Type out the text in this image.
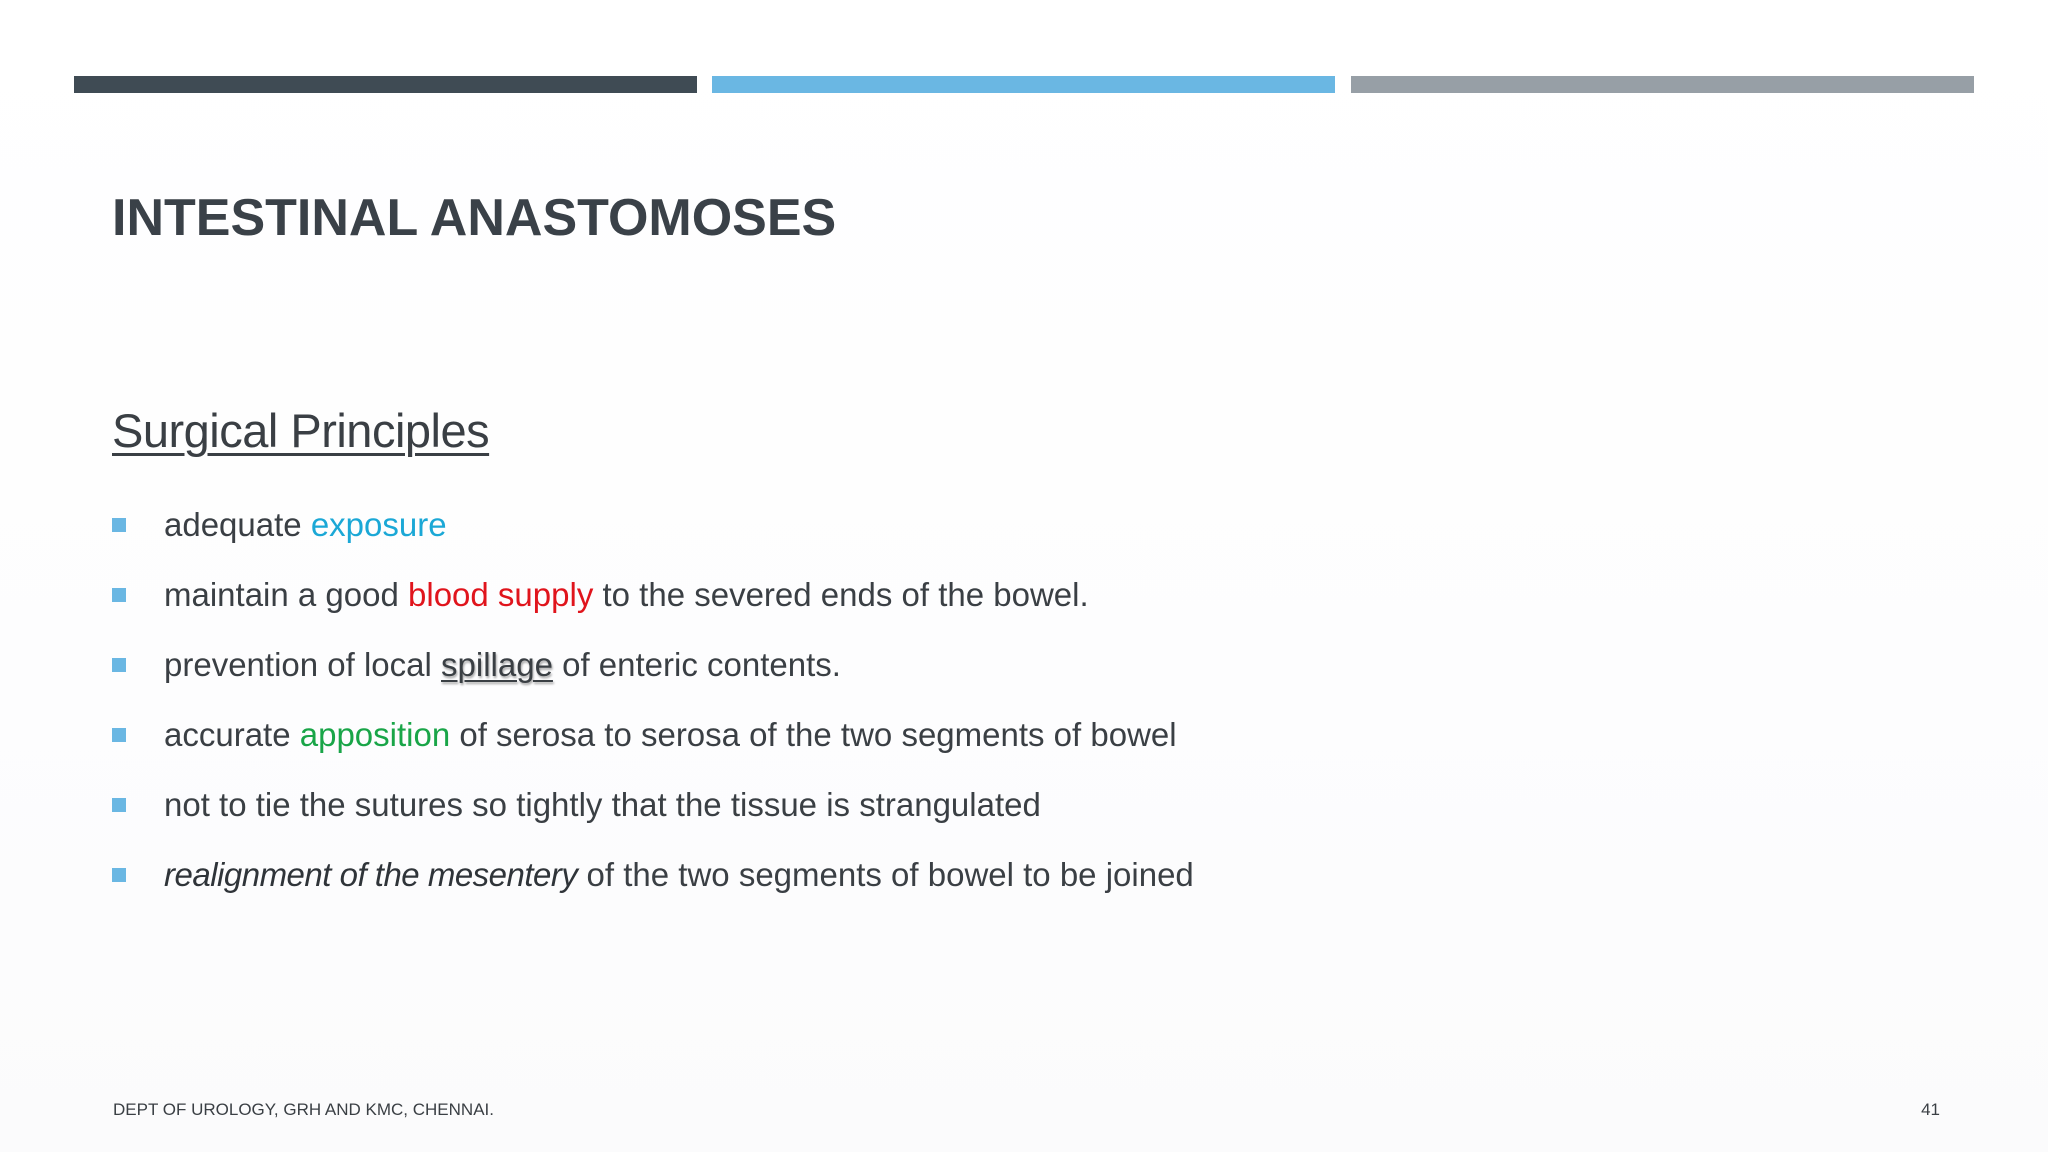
INTESTINAL ANASTOMOSES
Surgical Principles
adequate exposure
maintain a good blood supply to the severed ends of the bowel.
prevention of local spillage of enteric contents.
accurate apposition of serosa to serosa of the two segments of bowel
not to tie the sutures so tightly that the tissue is strangulated
realignment of the mesentery of the two segments of bowel to be joined
DEPT OF UROLOGY, GRH AND KMC, CHENNAI.	41
